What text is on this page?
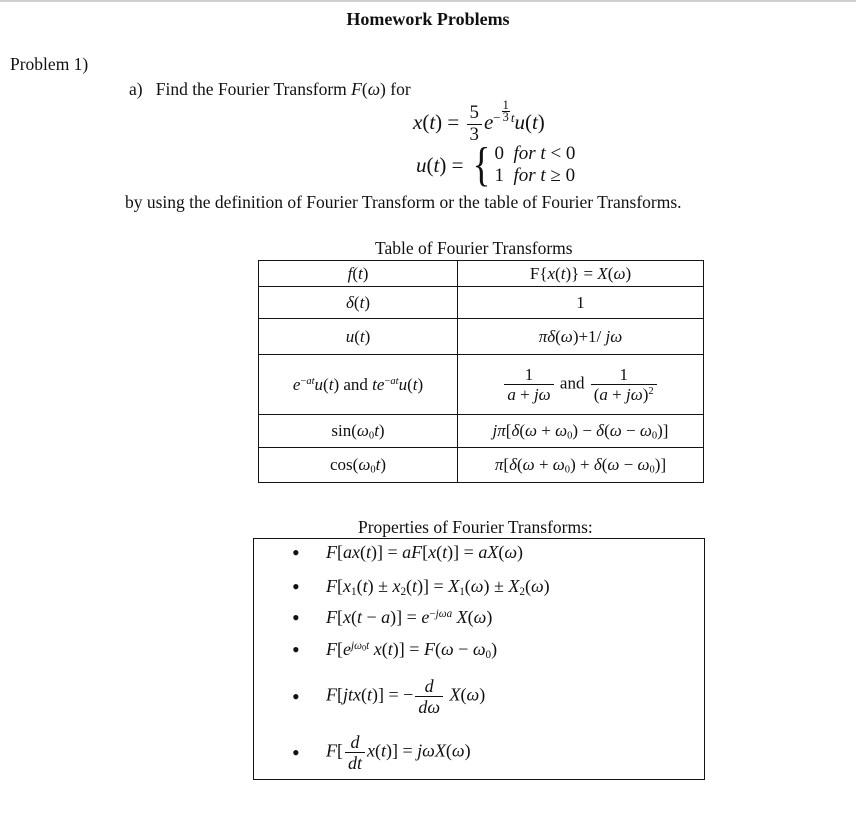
Homework Problems
Problem 1)
a)  Find the Fourier Transform F(ω) for
$x(t) = \frac{5}{3} e^{- \frac{1}{3} t}u(t)$
u(t) = { 0 for t < 0
1 for t ≥ 0
by using the definition of Fourier Transform or the table of Fourier Transforms.
Table of Fourier Transforms
f(t)	F{x(t)} = X(ω)
δ(t)	1
u(t)	πδ(ω)+1/ jω
$e^{-at}u(t)$ and $te^{-at}u(t)$	$\frac{1}{a + j\omega}$ and $\frac{1}{(a + j\omega)^2}$

$\sin(\omega_0t)$	$j\pi[\delta(\omega + \omega_0) - \delta(\omega - \omega_0)]$
$\cos(\omega_0t)$	$\pi[\delta(\omega + \omega_0) + \delta(\omega - \omega_0)]$
Properties of Fourier Transforms:
•	F[ax(t)] = aF[x(t)] = aX(ω)
•	$F[x_1(t) \pm x_2(t)] = X_1(\omega) \pm X_2(\omega)$
•	$F[x(t - a)] = e^{-j\omega a}$ X(ω)
•	$F[e^{j\omega 0t}$ $x(t)] = F(\omega - \omega_0)$
•	F[jtx(t)] = − $\frac{d}{d\omega} X(\omega)$
•	$F[ \frac{d}{dt} x(t)] = j\omega X(\omega)$
